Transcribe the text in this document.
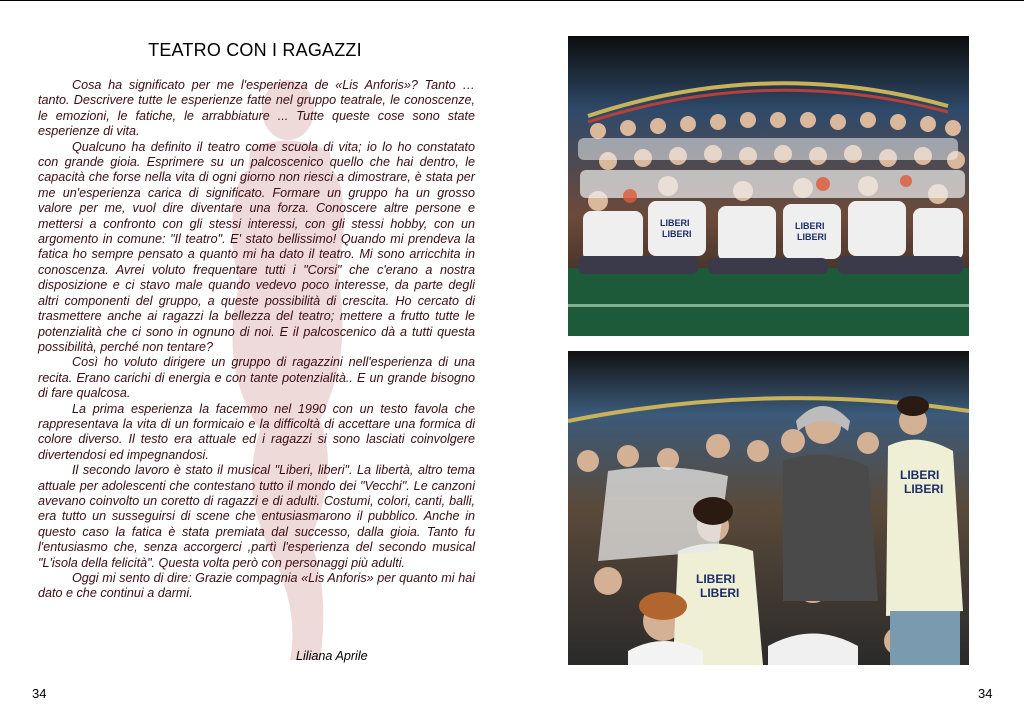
TEATRO CON I RAGAZZI

Cosa ha significato per me l'esperienza de «Lis Anforis»? Tanto … tanto. Descrivere tutte le esperienze fatte nel gruppo teatrale, le conoscenze, le emozioni, le fatiche, le arrabbiature ... Tutte queste cose sono state esperienze di vita.

Qualcuno ha definito il teatro come scuola di vita; io lo ho constatato con grande gioia. Esprimere su un palcoscenico quello che hai dentro, le capacità che forse nella vita di ogni giorno non riesci a dimostrare, è stata per me un'esperienza carica di significato. Formare un gruppo ha un grosso valore per me, vuol dire diventare una forza. Conoscere altre persone e mettersi a confronto con gli stessi interessi, con gli stessi hobby, con un argomento in comune: "Il teatro". E' stato bellissimo! Quando mi prendeva la fatica ho sempre pensato a quanto mi ha dato il teatro. Mi sono arricchita in conoscenza. Avrei voluto frequentare tutti i "Corsi" che c'erano a nostra disposizione e ci stavo male quando vedevo poco interesse, da parte degli altri componenti del gruppo, a queste possibilità di crescita. Ho cercato di trasmettere anche ai ragazzi la bellezza del teatro; mettere a frutto tutte le potenzialità che ci sono in ognuno di noi. E il palcoscenico dà a tutti questa possibilità, perché non tentare?

Così ho voluto dirigere un gruppo di ragazzini nell'esperienza di una recita. Erano carichi di energia e con tante potenzialità.. E un grande bisogno di fare qualcosa.

La prima esperienza la facemmo nel 1990 con un testo favola che rappresentava la vita di un formicaio e la difficoltà di accettare una formica di colore diverso. Il testo era attuale ed i ragazzi si sono lasciati coinvolgere divertendosi ed impegnandosi.

Il secondo lavoro è stato il musical "Liberi, liberi". La libertà, altro tema attuale per adolescenti che contestano tutto il mondo dei "Vecchi". Le canzoni avevano coinvolto un coretto di ragazzi e di adulti. Costumi, colori, canti, balli, era tutto un susseguirsi di scene che entusiasmarono il pubblico. Anche in questo caso la fatica è stata premiata dal successo, dalla gioia. Tanto fu l'entusiasmo che, senza accorgerci ,partì l'esperienza del secondo musical "L'isola della felicità". Questa volta però con personaggi più adulti.

Oggi mi sento di dire: Grazie compagnia «Lis Anforis» per quanto mi hai dato e che continui a darmi.

Liliana Aprile
34
LIBERI
LIBERI
LIBERI
LIBERI
LIBERI
LIBERI
LIBERI
LIBERI
34
